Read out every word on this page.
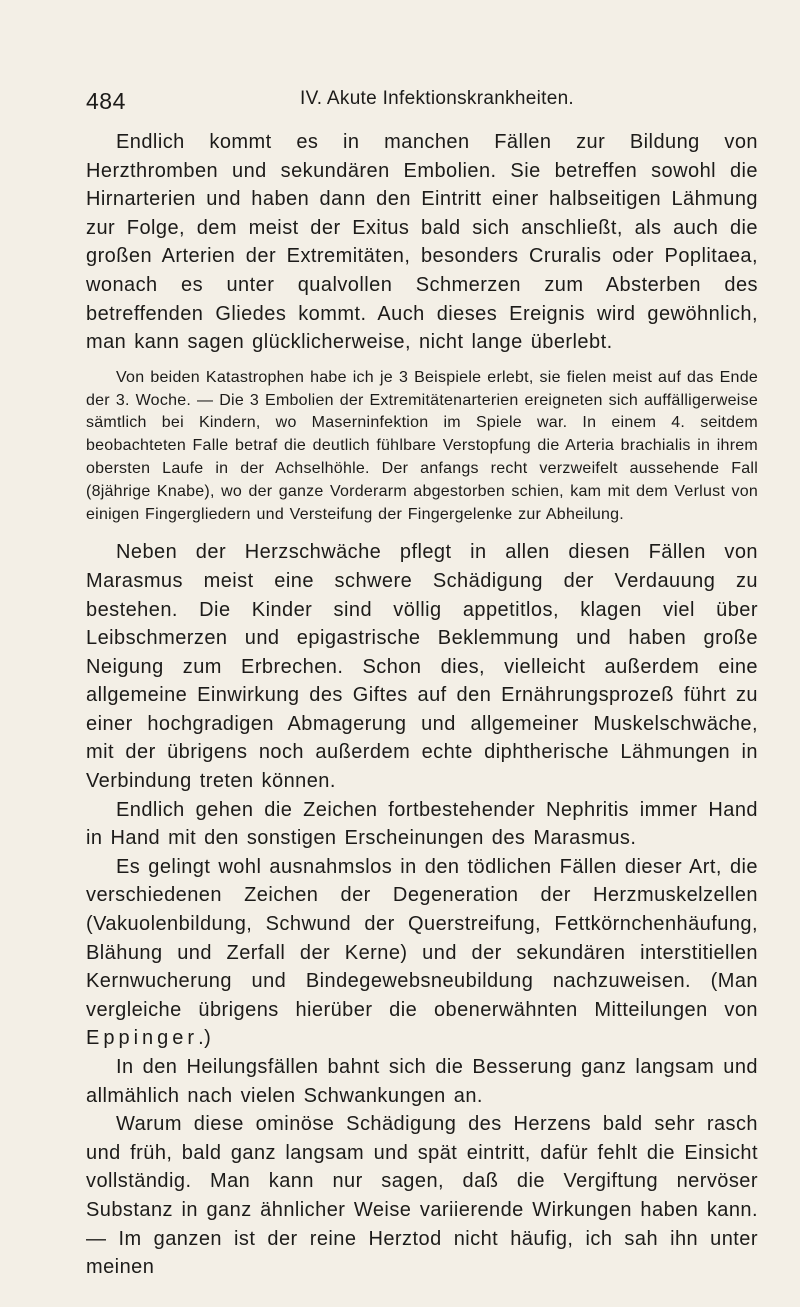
484	IV. Akute Infektionskrankheiten.

Endlich kommt es in manchen Fällen zur Bildung von Herzthromben und sekundären Embolien. Sie betreffen sowohl die Hirnarterien und haben dann den Eintritt einer halbseitigen Lähmung zur Folge, dem meist der Exitus bald sich anschließt, als auch die großen Arterien der Extremitäten, besonders Cruralis oder Poplitaea, wonach es unter qualvollen Schmerzen zum Absterben des betreffenden Gliedes kommt. Auch dieses Ereignis wird gewöhnlich, man kann sagen glücklicherweise, nicht lange überlebt.

Von beiden Katastrophen habe ich je 3 Beispiele erlebt, sie fielen meist auf das Ende der 3. Woche. — Die 3 Embolien der Extremitätenarterien ereigneten sich auffälligerweise sämtlich bei Kindern, wo Maserninfektion im Spiele war. In einem 4. seitdem beobachteten Falle betraf die deutlich fühlbare Verstopfung die Arteria brachialis in ihrem obersten Laufe in der Achselhöhle. Der anfangs recht verzweifelt aussehende Fall (8jährige Knabe), wo der ganze Vorderarm abgestorben schien, kam mit dem Verlust von einigen Fingergliedern und Versteifung der Fingergelenke zur Abheilung.

Neben der Herzschwäche pflegt in allen diesen Fällen von Marasmus meist eine schwere Schädigung der Verdauung zu bestehen. Die Kinder sind völlig appetitlos, klagen viel über Leibschmerzen und epigastrische Beklemmung und haben große Neigung zum Erbrechen. Schon dies, vielleicht außerdem eine allgemeine Einwirkung des Giftes auf den Ernährungsprozeß führt zu einer hochgradigen Abmagerung und allgemeiner Muskelschwäche, mit der übrigens noch außerdem echte diphtherische Lähmungen in Verbindung treten können.

Endlich gehen die Zeichen fortbestehender Nephritis immer Hand in Hand mit den sonstigen Erscheinungen des Marasmus.

Es gelingt wohl ausnahmslos in den tödlichen Fällen dieser Art, die verschiedenen Zeichen der Degeneration der Herzmuskelzellen (Vakuolenbildung, Schwund der Querstreifung, Fettkörnchenhäufung, Blähung und Zerfall der Kerne) und der sekundären interstitiellen Kernwucherung und Bindegewebsneubildung nachzuweisen. (Man vergleiche übrigens hierüber die obenerwähnten Mitteilungen von Eppinger.)

In den Heilungsfällen bahnt sich die Besserung ganz langsam und allmählich nach vielen Schwankungen an.

Warum diese ominöse Schädigung des Herzens bald sehr rasch und früh, bald ganz langsam und spät eintritt, dafür fehlt die Einsicht vollständig. Man kann nur sagen, daß die Vergiftung nervöser Substanz in ganz ähnlicher Weise variierende Wirkungen haben kann. — Im ganzen ist der reine Herztod nicht häufig, ich sah ihn unter meinen
